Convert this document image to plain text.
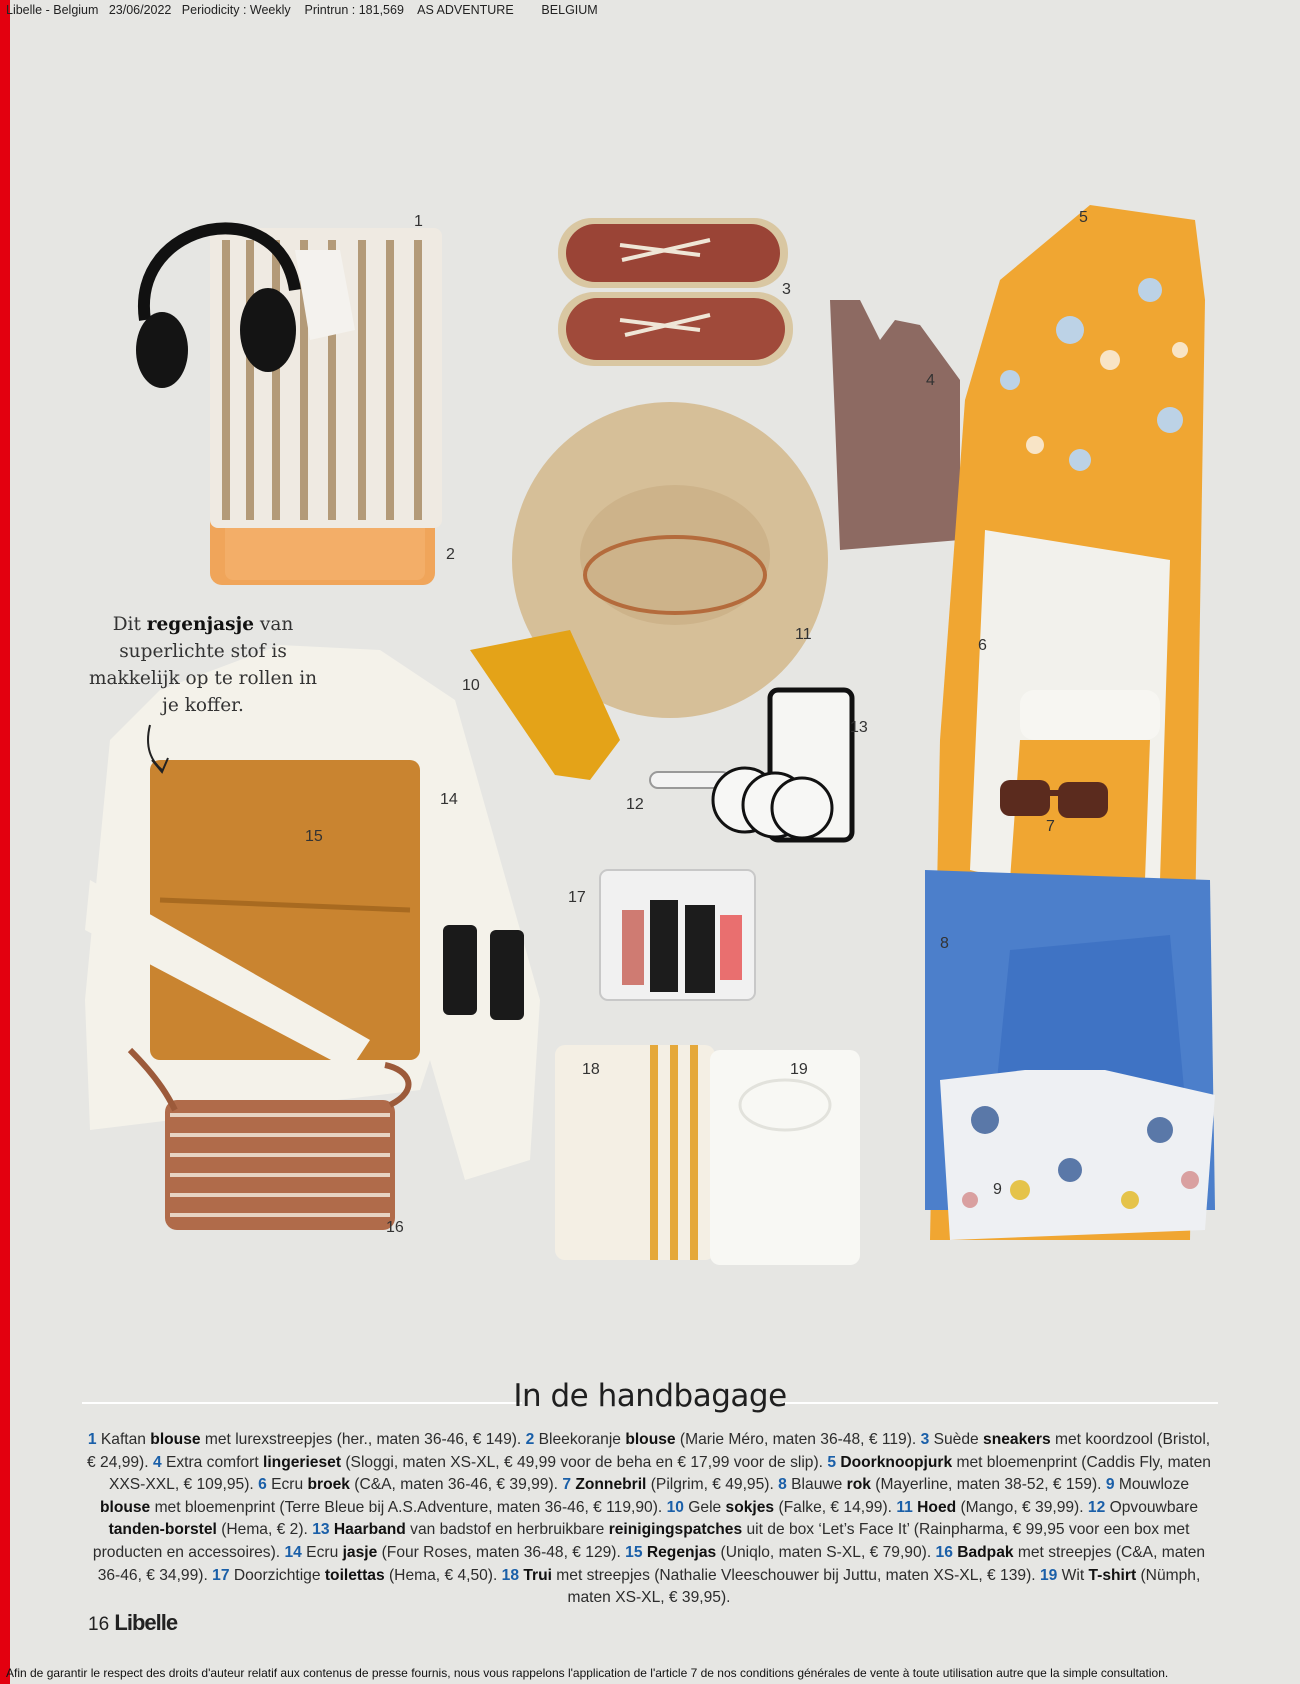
Libelle - Belgium   23/06/2022   Periodicity : Weekly    Printrun : 181,569    AS ADVENTURE        BELGIUM
1
2
3
4
5
6
7
8
9
10
11
12
13
14
15
16
17
18	19
Dit regenjasje van superlichte stof is makkelijk op te rollen in je koffer.
In de handbagage
1 Kaftan blouse met lurexstreepjes (her., maten 36-46, € 149). 2 Bleekoranje blouse (Marie Méro, maten 36-48, € 119). 3 Suède sneakers met koordzool (Bristol, € 24,99). 4 Extra comfort lingerieset (Sloggi, maten XS-XL, € 49,99 voor de beha en € 17,99 voor de slip). 5 Doorknoopjurk met bloemenprint (Caddis Fly, maten XXS-XXL, € 109,95). 6 Ecru broek (C&A, maten 36-46, € 39,99). 7 Zonnebril (Pilgrim, € 49,95). 8 Blauwe rok (Mayerline, maten 38-52, € 159). 9 Mouwloze blouse met bloemenprint (Terre Bleue bij A.S.Adventure, maten 36-46, € 119,90). 10 Gele sokjes (Falke, € 14,99). 11 Hoed (Mango, € 39,99). 12 Opvouwbare tanden-borstel (Hema, € 2). 13 Haarband van badstof en herbruikbare reinigingspatches uit de box ‘Let’s Face It’ (Rainpharma, € 99,95 voor een box met producten en accessoires). 14 Ecru jasje (Four Roses, maten 36-48, € 129). 15 Regenjas (Uniqlo, maten S-XL, € 79,90). 16 Badpak met streepjes (C&A, maten 36-46, € 34,99). 17 Doorzichtige toilettas (Hema, € 4,50). 18 Trui met streepjes (Nathalie Vleeschouwer bij Juttu, maten XS-XL, € 139). 19 Wit T-shirt (Nümph, maten XS-XL, € 39,95).
16 Libelle
Afin de garantir le respect des droits d'auteur relatif aux contenus de presse fournis, nous vous rappelons l'application de l'article 7 de nos conditions générales de vente à toute utilisation autre que la simple consultation.
